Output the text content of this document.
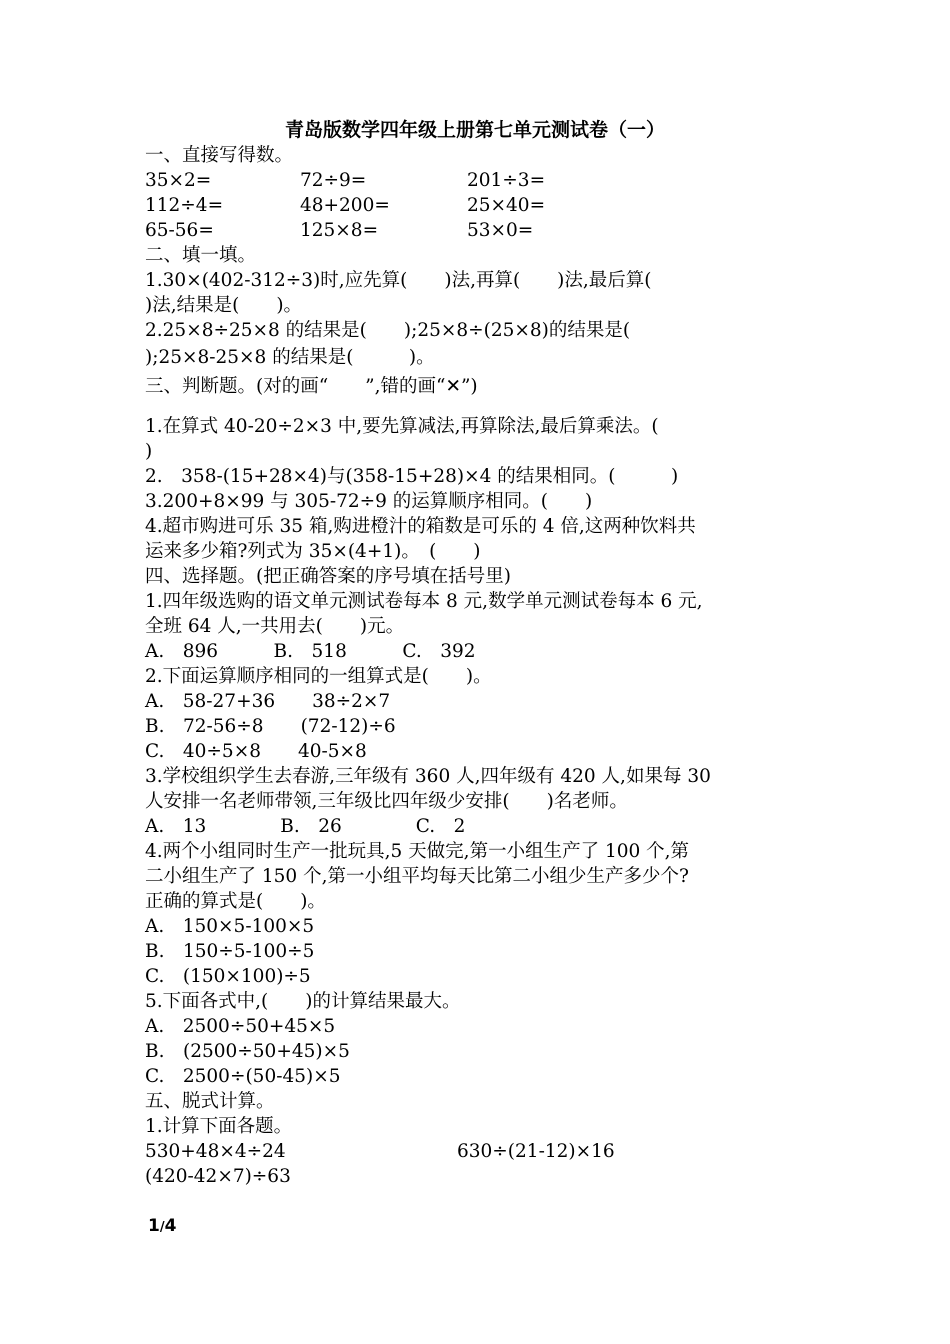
青岛版数学四年级上册第七单元测试卷（一）
一、直接写得数。
35×2=	72÷9=	201÷3=
112÷4=	48+200=	25×40=
65-56=	125×8=	53×0=
二、填一填。
1.30×(402-312÷3)时,应先算(　　)法,再算(　　)法,最后算(
)法,结果是(　　)。
2.25×8÷25×8 的结果是(　　);25×8÷(25×8)的结果是(
);25×8-25×8 的结果是(　　　)。
三、判断题。(对的画“　　”,错的画“✕”)
1.在算式 40-20÷2×3 中,要先算减法,再算除法,最后算乘法。(
)
2.　358-(15+28×4)与(358-15+28)×4 的结果相同。(　　　)
3.200+8×99 与 305-72÷9 的运算顺序相同。(　　)
4.超市购进可乐 35 箱,购进橙汁的箱数是可乐的 4 倍,这两种饮料共
运来多少箱?列式为 35×(4+1)。　(　　)
四、选择题。(把正确答案的序号填在括号里)
1.四年级选购的语文单元测试卷每本 8 元,数学单元测试卷每本 6 元,
全班 64 人,一共用去(　　)元。
A.　896　　　B.　518　　　C.　392
2.下面运算顺序相同的一组算式是(　　)。
A.　58-27+36　　38÷2×7
B.　72-56÷8　　(72-12)÷6
C.　40÷5×8　　40-5×8
3.学校组织学生去春游,三年级有 360 人,四年级有 420 人,如果每 30
人安排一名老师带领,三年级比四年级少安排(　　)名老师。
A.　13　　　　B.　26　　　　C.　2
4.两个小组同时生产一批玩具,5 天做完,第一小组生产了 100 个,第
二小组生产了 150 个,第一小组平均每天比第二小组少生产多少个?
正确的算式是(　　)。
A.　150×5-100×5
B.　150÷5-100÷5
C.　(150×100)÷5
5.下面各式中,(　　)的计算结果最大。
A.　2500÷50+45×5
B.　(2500÷50+45)×5
C.　2500÷(50-45)×5
五、脱式计算。
1.计算下面各题。
530+48×4÷24	630÷(21-12)×16
(420-42×7)÷63
1/4
